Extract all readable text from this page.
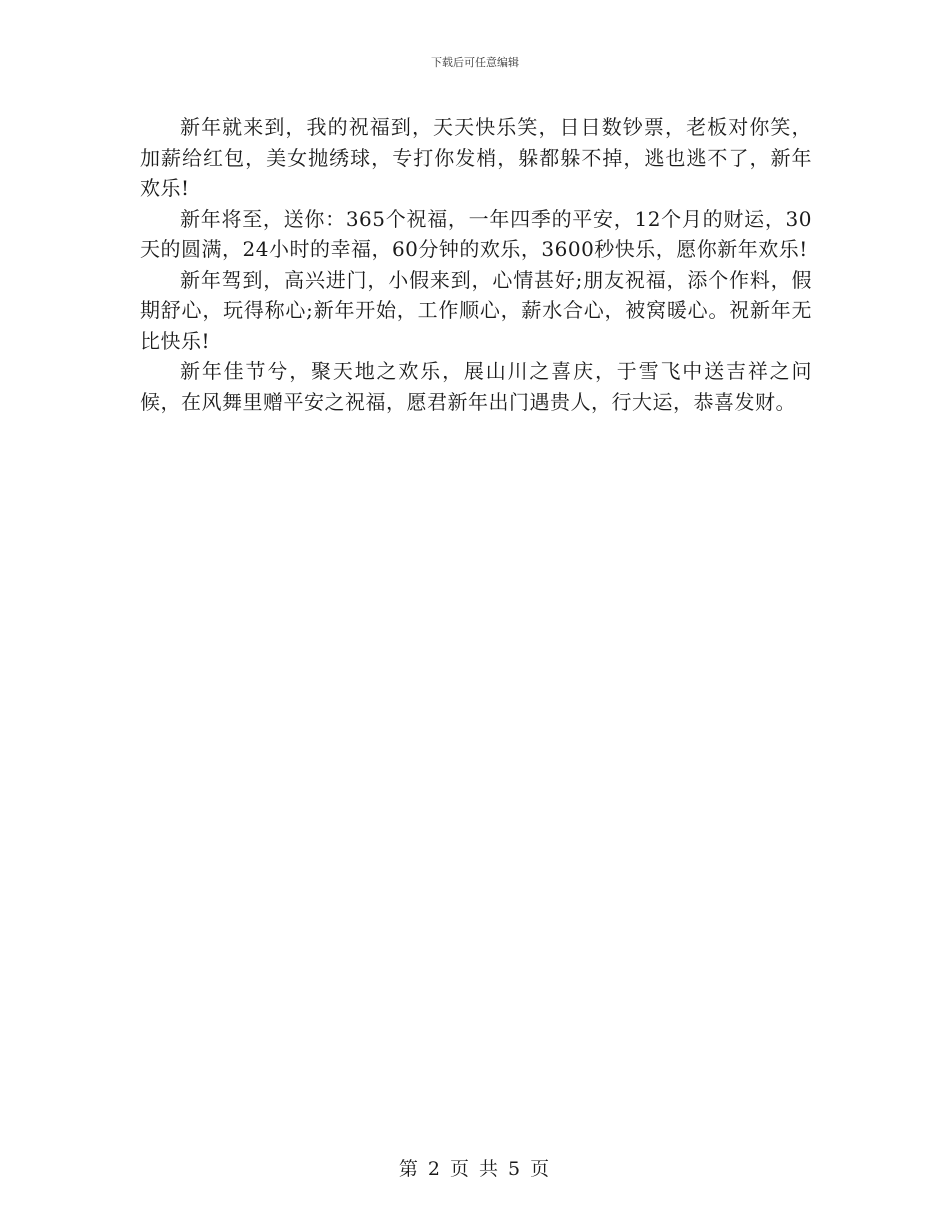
下载后可任意编辑

新年就来到，我的祝福到，天天快乐笑，日日数钞票，老板对你笑，加薪给红包，美女抛绣球，专打你发梢，躲都躲不掉，逃也逃不了，新年欢乐!

新年将至，送你：365个祝福，一年四季的平安，12个月的财运，30天的圆满，24小时的幸福，60分钟的欢乐，3600秒快乐，愿你新年欢乐!

新年驾到，高兴进门，小假来到，心情甚好;朋友祝福，添个作料，假期舒心，玩得称心;新年开始，工作顺心，薪水合心，被窝暖心。祝新年无比快乐!

新年佳节兮，聚天地之欢乐，展山川之喜庆，于雪飞中送吉祥之问候，在风舞里赠平安之祝福，愿君新年出门遇贵人，行大运，恭喜发财。

第 2 页 共 5 页
